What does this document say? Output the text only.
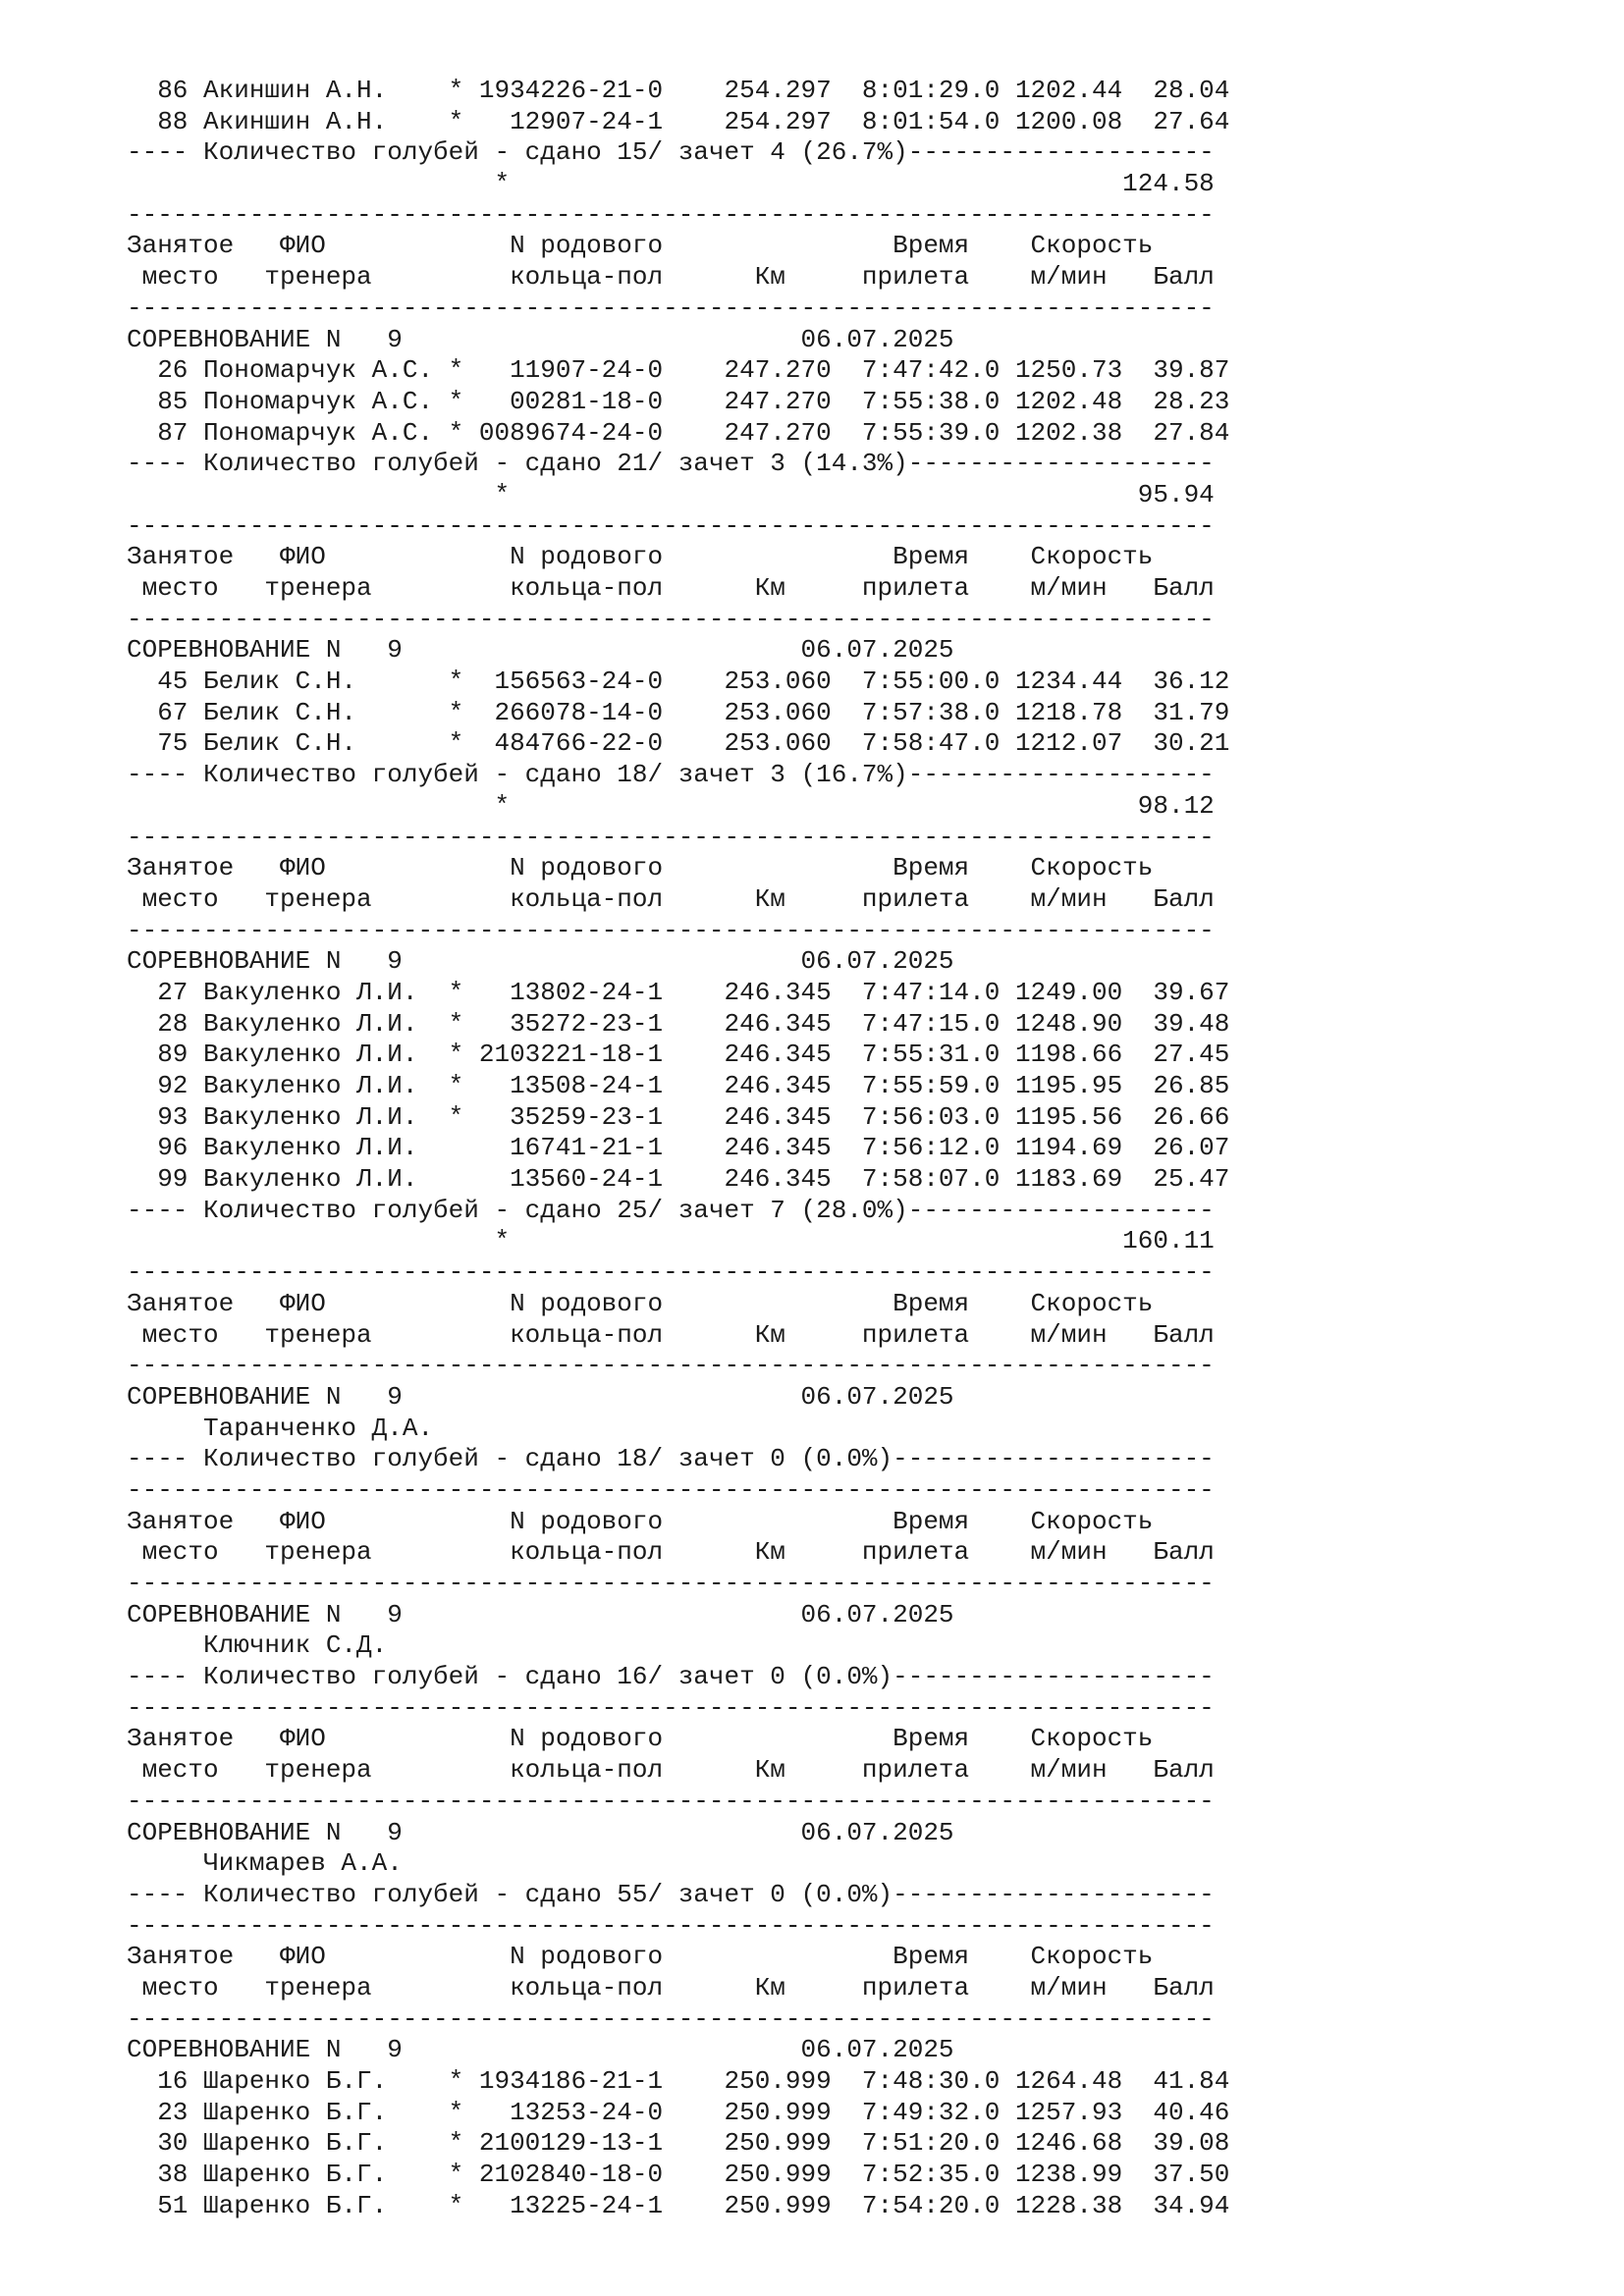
86 Акиншин А.Н.    * 1934226-21-0    254.297  8:01:29.0 1202.44  28.04
88 Акиншин А.Н.    *   12907-24-1    254.297  8:01:54.0 1200.08  27.64
---- Количество голубей - сдано 15/ зачет 4 (26.7%)--------------------
*                                        124.58
-----------------------------------------------------------------------
Занятое   ФИО            N родового               Время    Скорость
место   тренера         кольца-пол      Км     прилета    м/мин   Балл
-----------------------------------------------------------------------
СОРЕВНОВАНИЕ N   9                          06.07.2025
26 Пономарчук А.С. *   11907-24-0    247.270  7:47:42.0 1250.73  39.87
85 Пономарчук А.С. *   00281-18-0    247.270  7:55:38.0 1202.48  28.23
87 Пономарчук А.С. * 0089674-24-0    247.270  7:55:39.0 1202.38  27.84
---- Количество голубей - сдано 21/ зачет 3 (14.3%)--------------------
*                                         95.94
-----------------------------------------------------------------------
Занятое   ФИО            N родового               Время    Скорость
место   тренера         кольца-пол      Км     прилета    м/мин   Балл
-----------------------------------------------------------------------
СОРЕВНОВАНИЕ N   9                          06.07.2025
45 Белик С.Н.      *  156563-24-0    253.060  7:55:00.0 1234.44  36.12
67 Белик С.Н.      *  266078-14-0    253.060  7:57:38.0 1218.78  31.79
75 Белик С.Н.      *  484766-22-0    253.060  7:58:47.0 1212.07  30.21
---- Количество голубей - сдано 18/ зачет 3 (16.7%)--------------------
*                                         98.12
-----------------------------------------------------------------------
Занятое   ФИО            N родового               Время    Скорость
место   тренера         кольца-пол      Км     прилета    м/мин   Балл
-----------------------------------------------------------------------
СОРЕВНОВАНИЕ N   9                          06.07.2025
27 Вакуленко Л.И.  *   13802-24-1    246.345  7:47:14.0 1249.00  39.67
28 Вакуленко Л.И.  *   35272-23-1    246.345  7:47:15.0 1248.90  39.48
89 Вакуленко Л.И.  * 2103221-18-1    246.345  7:55:31.0 1198.66  27.45
92 Вакуленко Л.И.  *   13508-24-1    246.345  7:55:59.0 1195.95  26.85
93 Вакуленко Л.И.  *   35259-23-1    246.345  7:56:03.0 1195.56  26.66
96 Вакуленко Л.И.      16741-21-1    246.345  7:56:12.0 1194.69  26.07
99 Вакуленко Л.И.      13560-24-1    246.345  7:58:07.0 1183.69  25.47
---- Количество голубей - сдано 25/ зачет 7 (28.0%)--------------------
*                                        160.11
-----------------------------------------------------------------------
Занятое   ФИО            N родового               Время    Скорость
место   тренера         кольца-пол      Км     прилета    м/мин   Балл
-----------------------------------------------------------------------
СОРЕВНОВАНИЕ N   9                          06.07.2025
Таранченко Д.А.
---- Количество голубей - сдано 18/ зачет 0 (0.0%)---------------------
-----------------------------------------------------------------------
Занятое   ФИО            N родового               Время    Скорость
место   тренера         кольца-пол      Км     прилета    м/мин   Балл
-----------------------------------------------------------------------
СОРЕВНОВАНИЕ N   9                          06.07.2025
Ключник С.Д.
---- Количество голубей - сдано 16/ зачет 0 (0.0%)---------------------
-----------------------------------------------------------------------
Занятое   ФИО            N родового               Время    Скорость
место   тренера         кольца-пол      Км     прилета    м/мин   Балл
-----------------------------------------------------------------------
СОРЕВНОВАНИЕ N   9                          06.07.2025
Чикмарев А.А.
---- Количество голубей - сдано 55/ зачет 0 (0.0%)---------------------
-----------------------------------------------------------------------
Занятое   ФИО            N родового               Время    Скорость
место   тренера         кольца-пол      Км     прилета    м/мин   Балл
-----------------------------------------------------------------------
СОРЕВНОВАНИЕ N   9                          06.07.2025
16 Шаренко Б.Г.    * 1934186-21-1    250.999  7:48:30.0 1264.48  41.84
23 Шаренко Б.Г.    *   13253-24-0    250.999  7:49:32.0 1257.93  40.46
30 Шаренко Б.Г.    * 2100129-13-1    250.999  7:51:20.0 1246.68  39.08
38 Шаренко Б.Г.    * 2102840-18-0    250.999  7:52:35.0 1238.99  37.50
51 Шаренко Б.Г.    *   13225-24-1    250.999  7:54:20.0 1228.38  34.94
